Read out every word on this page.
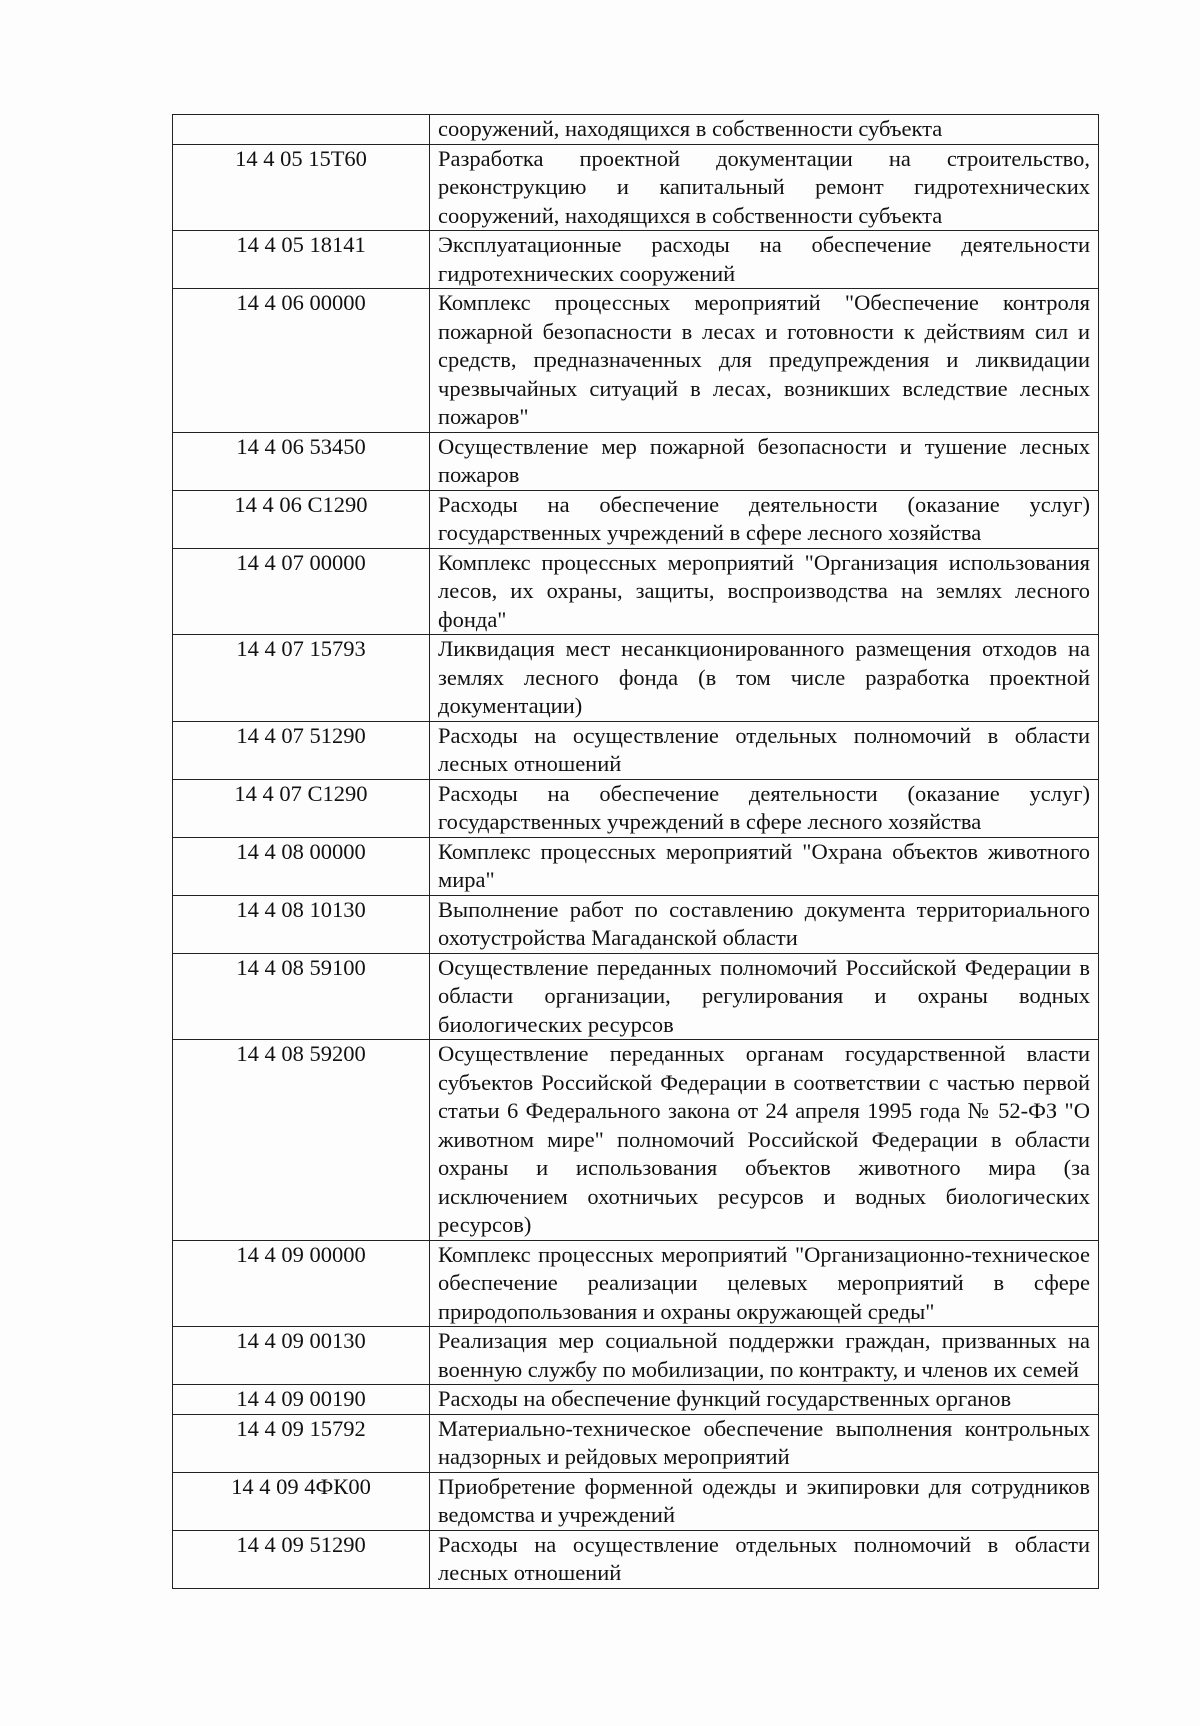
	сооружений, находящихся в собственности субъекта
14 4 05 15Т60	Разработка проектной документации на строительство, реконструкцию и капитальный ремонт гидротехнических сооружений, находящихся в собственности субъекта
14 4 05 18141	Эксплуатационные расходы на обеспечение деятельности гидротехнических сооружений
14 4 06 00000	Комплекс процессных мероприятий "Обеспечение контроля пожарной безопасности в лесах и готовности к действиям сил и средств, предназначенных для предупреждения и ликвидации чрезвычайных ситуаций в лесах, возникших вследствие лесных пожаров"
14 4 06 53450	Осуществление мер пожарной безопасности и тушение лесных пожаров
14 4 06 С1290	Расходы на обеспечение деятельности (оказание услуг) государственных учреждений в сфере лесного хозяйства
14 4 07 00000	Комплекс процессных мероприятий "Организация использования лесов, их охраны, защиты, воспроизводства на землях лесного фонда"
14 4 07 15793	Ликвидация мест несанкционированного размещения отходов на землях лесного фонда (в том числе разработка проектной документации)
14 4 07 51290	Расходы на осуществление отдельных полномочий в области лесных отношений
14 4 07 С1290	Расходы на обеспечение деятельности (оказание услуг) государственных учреждений в сфере лесного хозяйства
14 4 08 00000	Комплекс процессных мероприятий "Охрана объектов животного мира"
14 4 08 10130	Выполнение работ по составлению документа территориального охотустройства Магаданской области
14 4 08 59100	Осуществление переданных полномочий Российской Федерации в области организации, регулирования и охраны водных биологических ресурсов
14 4 08 59200	Осуществление переданных органам государственной власти субъектов Российской Федерации в соответствии с частью первой статьи 6 Федерального закона от 24 апреля 1995 года № 52-ФЗ "О животном мире" полномочий Российской Федерации в области охраны и использования объектов животного мира (за исключением охотничьих ресурсов и водных биологических ресурсов)
14 4 09 00000	Комплекс процессных мероприятий "Организационно-техническое обеспечение реализации целевых мероприятий в сфере природопользования и охраны окружающей среды"
14 4 09 00130	Реализация мер социальной поддержки граждан, призванных на военную службу по мобилизации, по контракту, и членов их семей
14 4 09 00190	Расходы на обеспечение функций государственных органов
14 4 09 15792	Материально-техническое обеспечение выполнения контрольных надзорных и рейдовых мероприятий
14 4 09 4ФК00	Приобретение форменной одежды и экипировки для сотрудников ведомства и учреждений
14 4 09 51290	Расходы на осуществление отдельных полномочий в области лесных отношений
